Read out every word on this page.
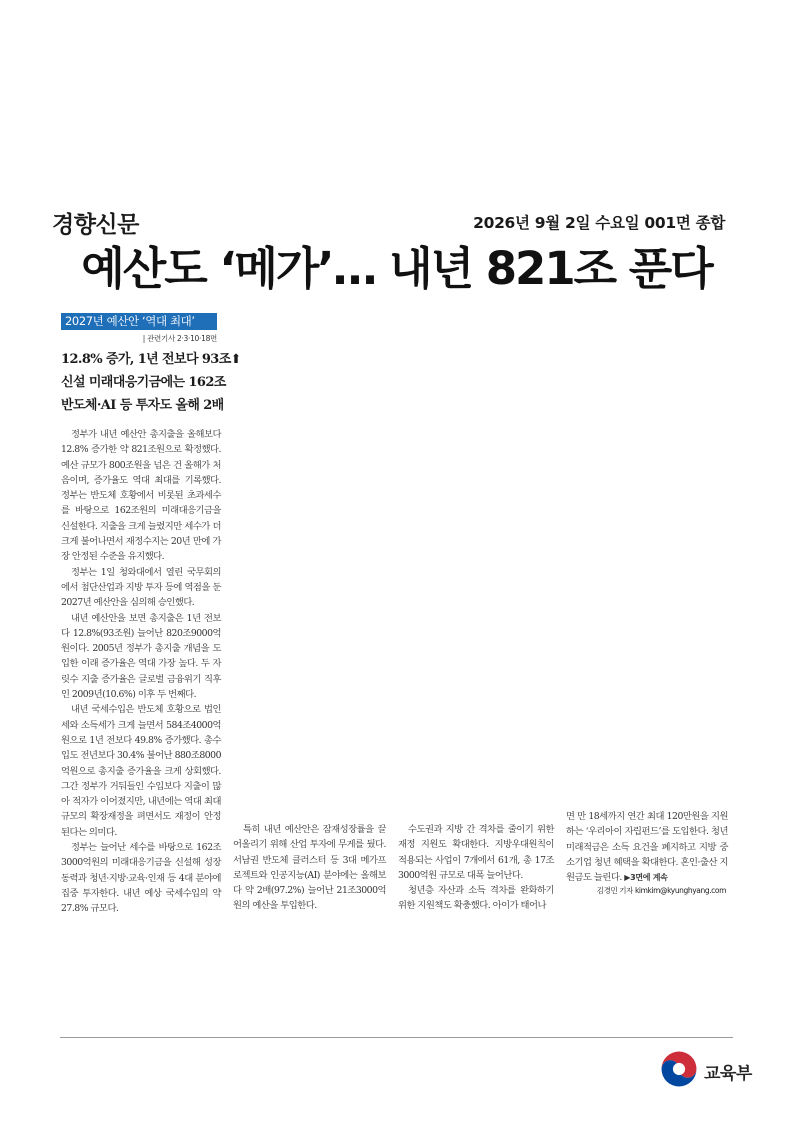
경향신문	2026년 9월 2일 수요일 001면 종합
예산도 ‘메가’… 내년 821조 푼다
2027년 예산안 ‘역대 최대’
| 관련기사 2·3·10·18면
12.8% 증가, 1년 전보다 93조⬆
신설 미래대응기금에는 162조
반도체·AI 등 투자도 올해 2배

정부가 내년 예산안 총지출을 올해보다 12.8% 증가한 약 821조원으로 확정했다. 예산 규모가 800조원을 넘은 건 올해가 처음이며, 증가율도 역대 최대를 기록했다. 정부는 반도체 호황에서 비롯된 초과세수를 바탕으로 162조원의 미래대응기금을 신설한다. 지출을 크게 늘렸지만 세수가 더 크게 불어나면서 재정수지는 20년 만에 가장 안정된 수준을 유지했다.

정부는 1일 청와대에서 열린 국무회의에서 첨단산업과 지방 투자 등에 역점을 둔 2027년 예산안을 심의해 승인했다.

내년 예산안을 보면 총지출은 1년 전보다 12.8%(93조원) 늘어난 820조9000억원이다. 2005년 정부가 총지출 개념을 도입한 이래 증가율은 역대 가장 높다. 두 자릿수 지출 증가율은 글로벌 금융위기 직후인 2009년(10.6%) 이후 두 번째다.

내년 국세수입은 반도체 호황으로 법인세와 소득세가 크게 늘면서 584조4000억원으로 1년 전보다 49.8% 증가했다. 총수입도 전년보다 30.4% 불어난 880조8000억원으로 총지출 증가율을 크게 상회했다. 그간 정부가 거둬들인 수입보다 지출이 많아 적자가 이어졌지만, 내년에는 역대 최대 규모의 확장재정을 펴면서도 재정이 안정된다는 의미다.

정부는 늘어난 세수를 바탕으로 162조3000억원의 미래대응기금을 신설해 성장동력과 청년·지방·교육·인재 등 4대 분야에 집중 투자한다. 내년 예상 국세수입의 약 27.8% 규모다.

특히 내년 예산안은 잠재성장률을 끌어올리기 위해 산업 투자에 무게를 뒀다. 서남권 반도체 클러스터 등 3대 메가프로젝트와 인공지능(AI) 분야에는 올해보다 약 2배(97.2%) 늘어난 21조3000억원의 예산을 투입한다.

수도권과 지방 간 격차를 줄이기 위한 재정 지원도 확대한다. 지방우대원칙이 적용되는 사업이 7개에서 61개, 총 17조3000억원 규모로 대폭 늘어난다.

청년층 자산과 소득 격차를 완화하기 위한 지원책도 확충했다. 아이가 태어나

면 만 18세까지 연간 최대 120만원을 지원하는 ‘우리아이 자립펀드’를 도입한다. 청년미래적금은 소득 요건을 폐지하고 지방 중소기업 청년 혜택을 확대한다. 혼인·출산 지원금도 늘린다. ▶3면에 계속

김경민 기자 kimkim@kyunghyang.com
교육부
